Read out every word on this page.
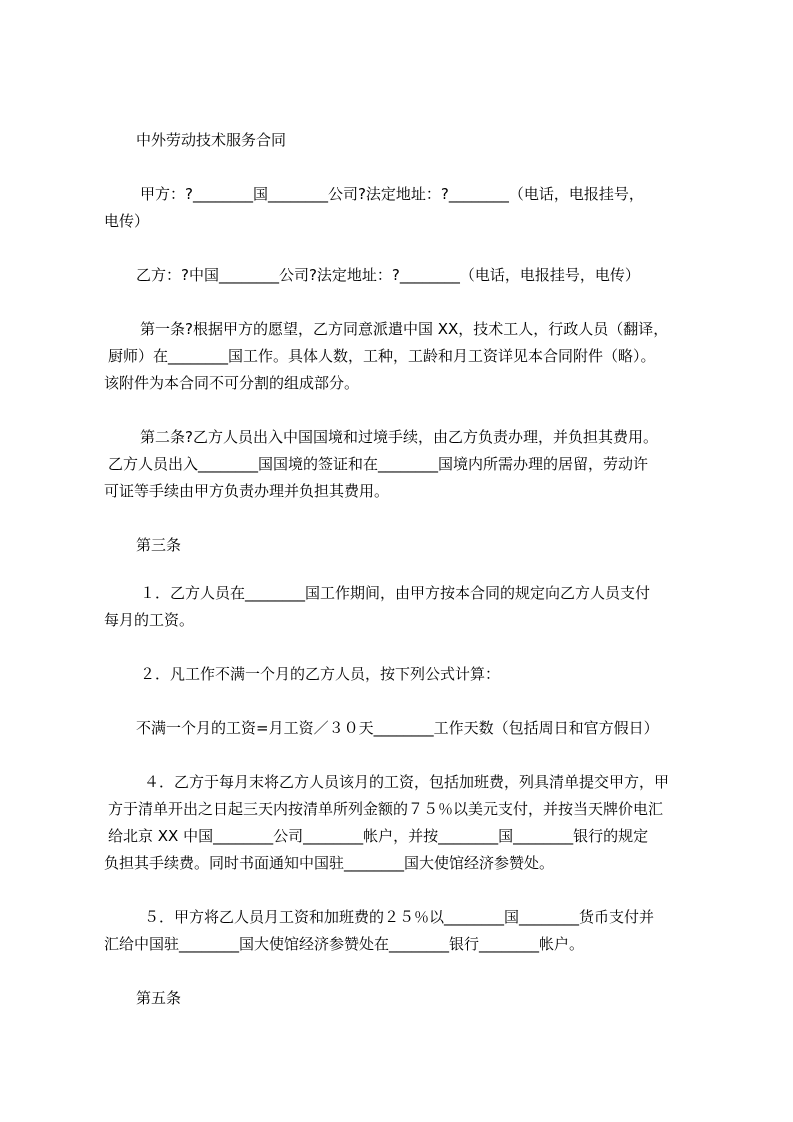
中外劳动技术服务合同
甲方：?________国________公司?法定地址：?________（电话，电报挂号，
电传）
乙方：?中国________公司?法定地址：?________（电话，电报挂号，电传）
第一条?根据甲方的愿望，乙方同意派遣中国 XX，技术工人，行政人员（翻译，
厨师）在________国工作。具体人数，工种，工龄和月工资详见本合同附件（略）。
该附件为本合同不可分割的组成部分。
第二条?乙方人员出入中国国境和过境手续，由乙方负责办理，并负担其费用。
乙方人员出入________国国境的签证和在________国境内所需办理的居留，劳动许
可证等手续由甲方负责办理并负担其费用。
第三条
１．乙方人员在________国工作期间，由甲方按本合同的规定向乙方人员支付
每月的工资。
２．凡工作不满一个月的乙方人员，按下列公式计算：
不满一个月的工资=月工资／３０天________工作天数（包括周日和官方假日）
４．乙方于每月末将乙方人员该月的工资，包括加班费，列具清单提交甲方，甲
方于清单开出之日起三天内按清单所列金额的７５％以美元支付，并按当天牌价电汇
给北京 XX 中国________公司________帐户，并按________国________银行的规定
负担其手续费。同时书面通知中国驻________国大使馆经济参赞处。
５．甲方将乙人员月工资和加班费的２５％以________国________货币支付并
汇给中国驻________国大使馆经济参赞处在________银行________帐户。
第五条
